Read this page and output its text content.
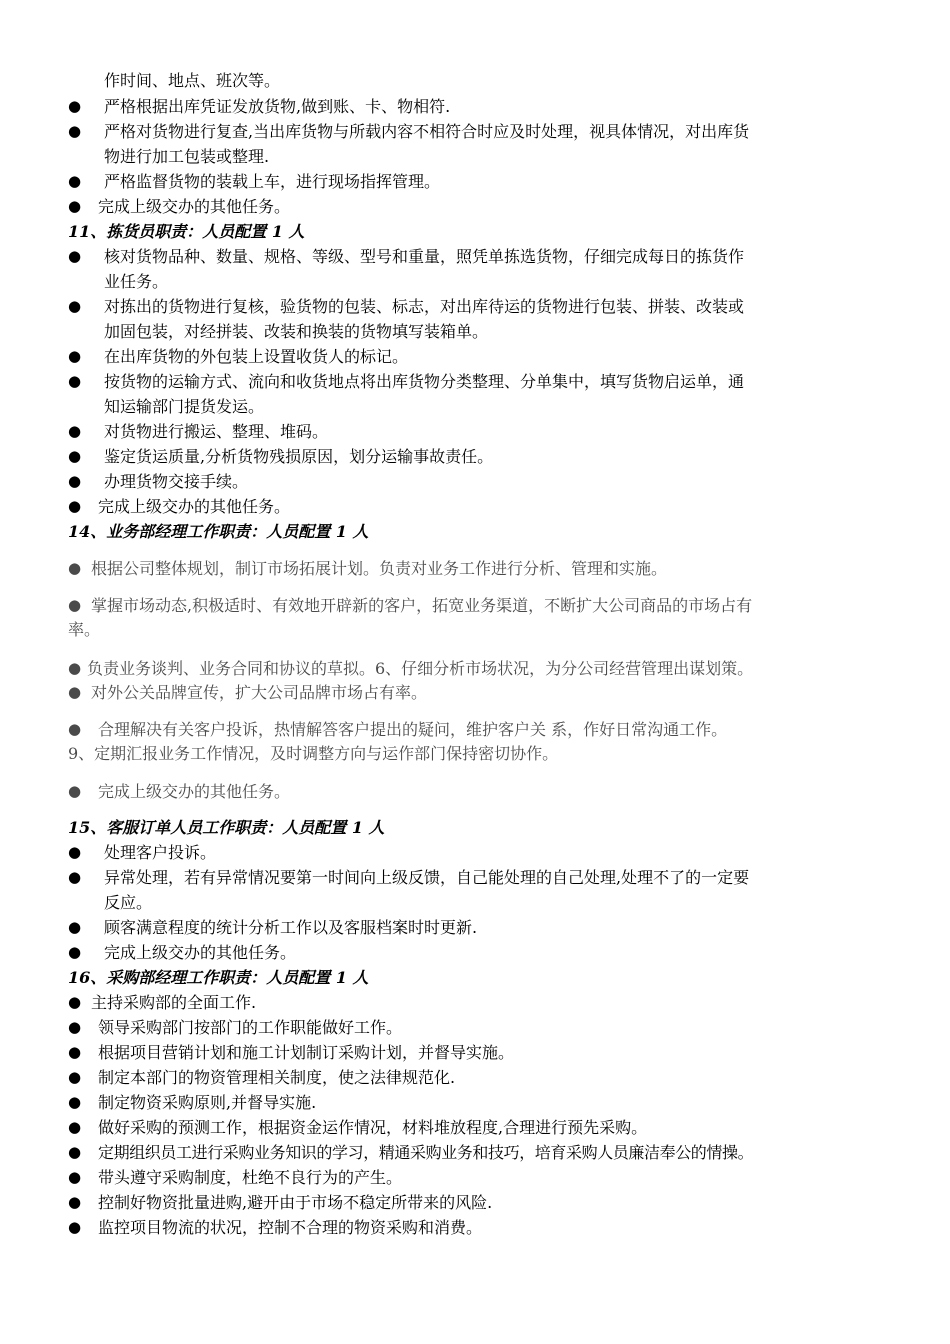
作时间、地点、班次等。
● 严格根据出库凭证发放货物,做到账、卡、物相符.
● 严格对货物进行复查,当出库货物与所载内容不相符合时应及时处理，视具体情况，对出库货
物进行加工包装或整理.
● 严格监督货物的装载上车，进行现场指挥管理。
● 完成上级交办的其他任务。
11、拣货员职责：人员配置 1 人
● 核对货物品种、数量、规格、等级、型号和重量，照凭单拣选货物，仔细完成每日的拣货作
业任务。
● 对拣出的货物进行复核，验货物的包装、标志，对出库待运的货物进行包装、拼装、改装或
加固包装，对经拼装、改装和换装的货物填写装箱单。
● 在出库货物的外包装上设置收货人的标记。
● 按货物的运输方式、流向和收货地点将出库货物分类整理、分单集中，填写货物启运单，通
知运输部门提货发运。
● 对货物进行搬运、整理、堆码。
● 鉴定货运质量,分析货物残损原因，划分运输事故责任。
● 办理货物交接手续。
● 完成上级交办的其他任务。
14、业务部经理工作职责：人员配置 1 人
● 根据公司整体规划，制订市场拓展计划。负责对业务工作进行分析、管理和实施。
● 掌握市场动态,积极适时、有效地开辟新的客户，拓宽业务渠道，不断扩大公司商品的市场占有
率。
● 负责业务谈判、业务合同和协议的草拟。6、仔细分析市场状况，为分公司经营管理出谋划策。
● 对外公关品牌宣传，扩大公司品牌市场占有率。
● 合理解决有关客户投诉，热情解答客户提出的疑问，维护客户关 系，作好日常沟通工作。
9、定期汇报业务工作情况，及时调整方向与运作部门保持密切协作。
● 完成上级交办的其他任务。
15、客服订单人员工作职责：人员配置 1 人
● 处理客户投诉。
● 异常处理，若有异常情况要第一时间向上级反馈，自己能处理的自己处理,处理不了的一定要
反应。
● 顾客满意程度的统计分析工作以及客服档案时时更新.
● 完成上级交办的其他任务。
16、采购部经理工作职责：人员配置 1 人
● 主持采购部的全面工作.
● 领导采购部门按部门的工作职能做好工作。
● 根据项目营销计划和施工计划制订采购计划，并督导实施。
● 制定本部门的物资管理相关制度，使之法律规范化.
● 制定物资采购原则,并督导实施.
● 做好采购的预测工作，根据资金运作情况，材料堆放程度,合理进行预先采购。
● 定期组织员工进行采购业务知识的学习，精通采购业务和技巧，培育采购人员廉洁奉公的情操。
● 带头遵守采购制度，杜绝不良行为的产生。
● 控制好物资批量进购,避开由于市场不稳定所带来的风险.
● 监控项目物流的状况，控制不合理的物资采购和消费。
